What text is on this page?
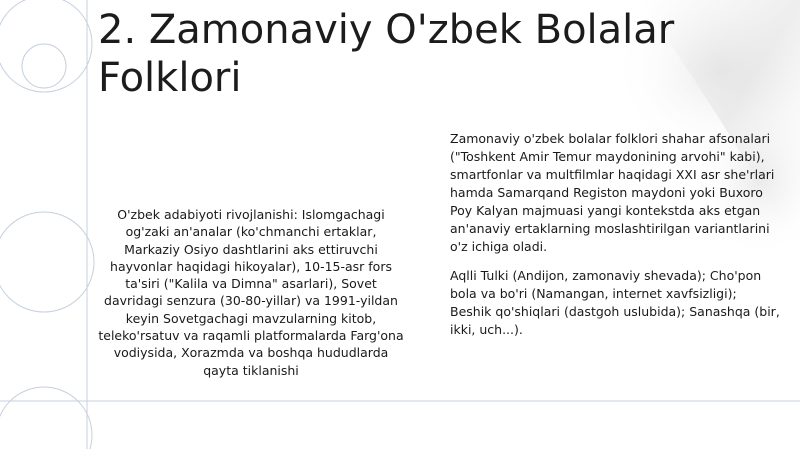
2. Zamonaviy O'zbek Bolalar Folklori

O'zbek adabiyoti rivojlanishi: Islomgachagi og'zaki an'analar (ko'chmanchi ertaklar, Markaziy Osiyo dashtlarini aks ettiruvchi hayvonlar haqidagi hikoyalar), 10-15-asr fors ta'siri ("Kalila va Dimna" asarlari), Sovet davridagi senzura (30-80-yillar) va 1991-yildan keyin Sovetgachagi mavzularning kitob, teleko'rsatuv va raqamli platformalarda Farg'ona vodiysida, Xorazmda va boshqa hududlarda qayta tiklanishi

Zamonaviy o'zbek bolalar folklori shahar afsonalari ("Toshkent Amir Temur maydonining arvohi" kabi), smartfonlar va multfilmlar haqidagi XXI asr she'rlari hamda Samarqand Registon maydoni yoki Buxoro Poy Kalyan majmuasi yangi kontekstda aks etgan an'anaviy ertaklarning moslashtirilgan variantlarini o'z ichiga oladi.

Aqlli Tulki (Andijon, zamonaviy shevada); Cho'pon bola va bo'ri (Namangan, internet xavfsizligi); Beshik qo'shiqlari (dastgoh uslubida); Sanashqa (bir, ikki, uch...).
